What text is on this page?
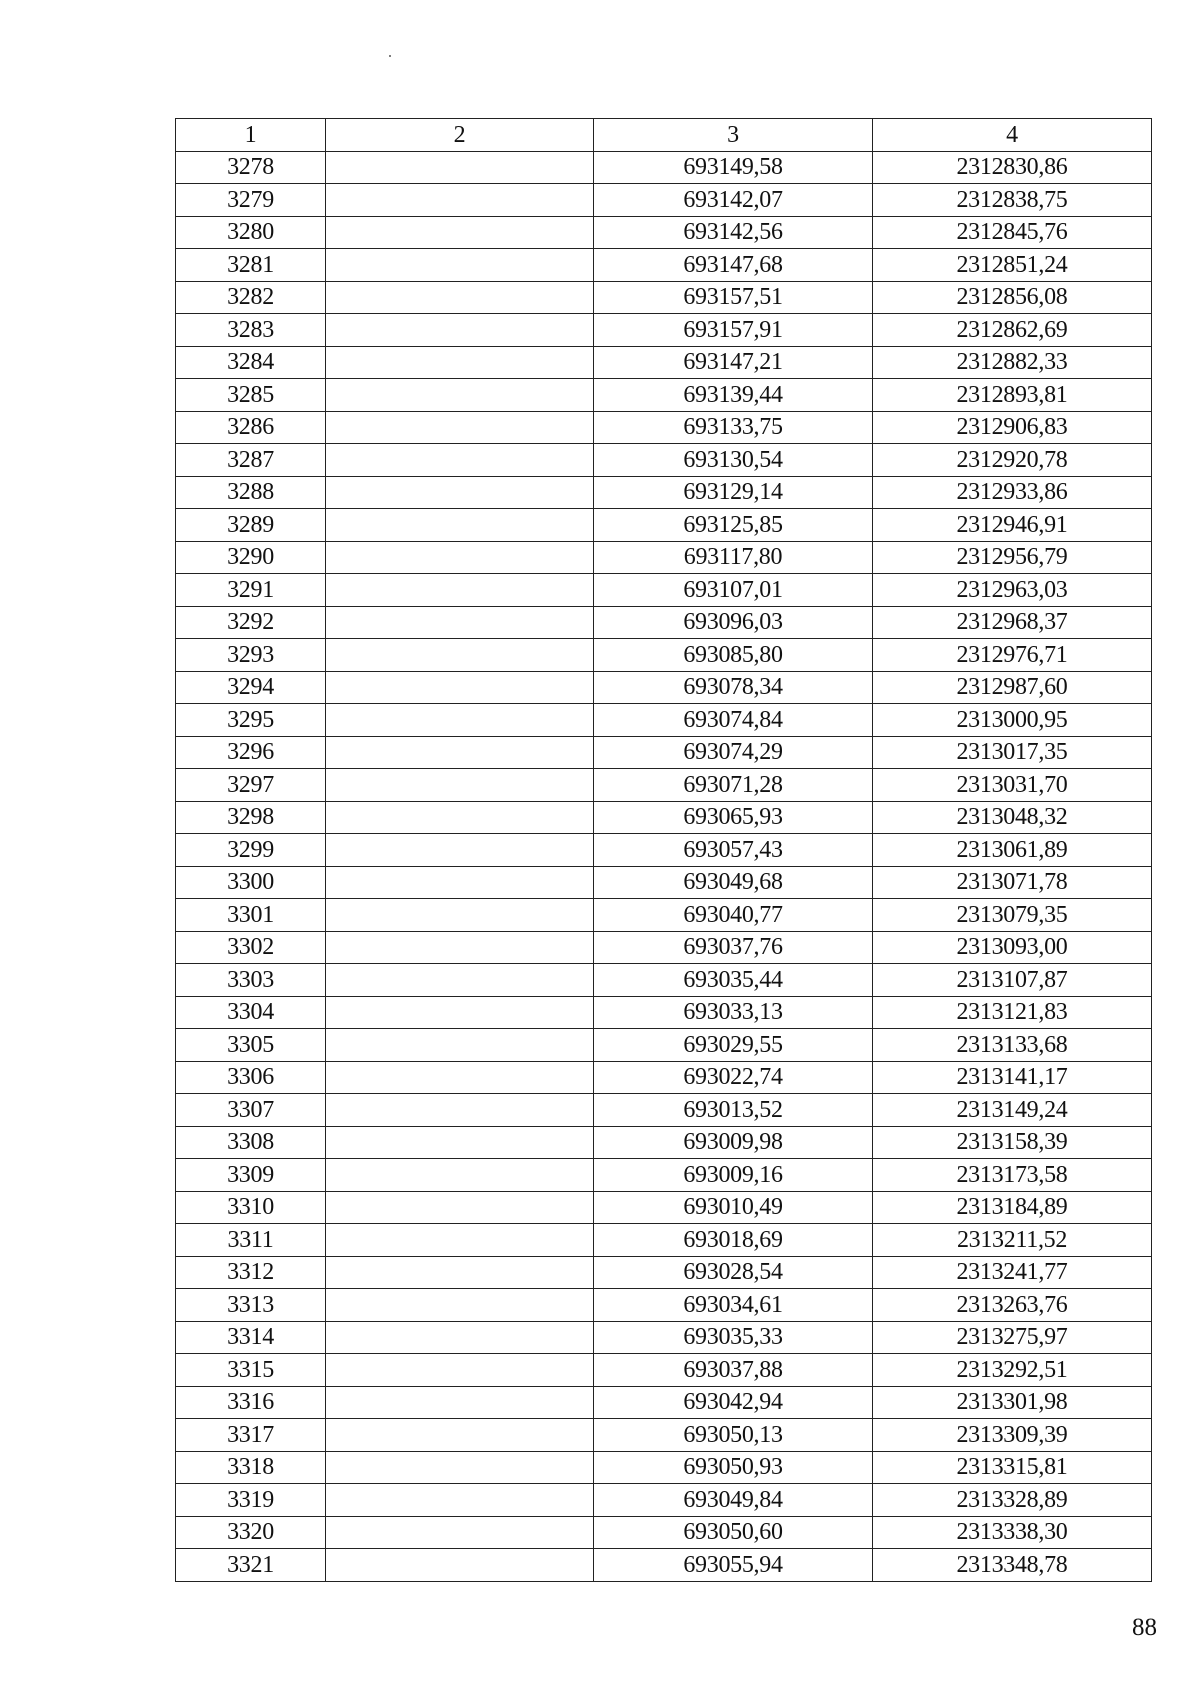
1	2	3	4
3278		693149,58	2312830,86
3279		693142,07	2312838,75
3280		693142,56	2312845,76
3281		693147,68	2312851,24
3282		693157,51	2312856,08
3283		693157,91	2312862,69
3284		693147,21	2312882,33
3285		693139,44	2312893,81
3286		693133,75	2312906,83
3287		693130,54	2312920,78
3288		693129,14	2312933,86
3289		693125,85	2312946,91
3290		693117,80	2312956,79
3291		693107,01	2312963,03
3292		693096,03	2312968,37
3293		693085,80	2312976,71
3294		693078,34	2312987,60
3295		693074,84	2313000,95
3296		693074,29	2313017,35
3297		693071,28	2313031,70
3298		693065,93	2313048,32
3299		693057,43	2313061,89
3300		693049,68	2313071,78
3301		693040,77	2313079,35
3302		693037,76	2313093,00
3303		693035,44	2313107,87
3304		693033,13	2313121,83
3305		693029,55	2313133,68
3306		693022,74	2313141,17
3307		693013,52	2313149,24
3308		693009,98	2313158,39
3309		693009,16	2313173,58
3310		693010,49	2313184,89
3311		693018,69	2313211,52
3312		693028,54	2313241,77
3313		693034,61	2313263,76
3314		693035,33	2313275,97
3315		693037,88	2313292,51
3316		693042,94	2313301,98
3317		693050,13	2313309,39
3318		693050,93	2313315,81
3319		693049,84	2313328,89
3320		693050,60	2313338,30
3321		693055,94	2313348,78
88
